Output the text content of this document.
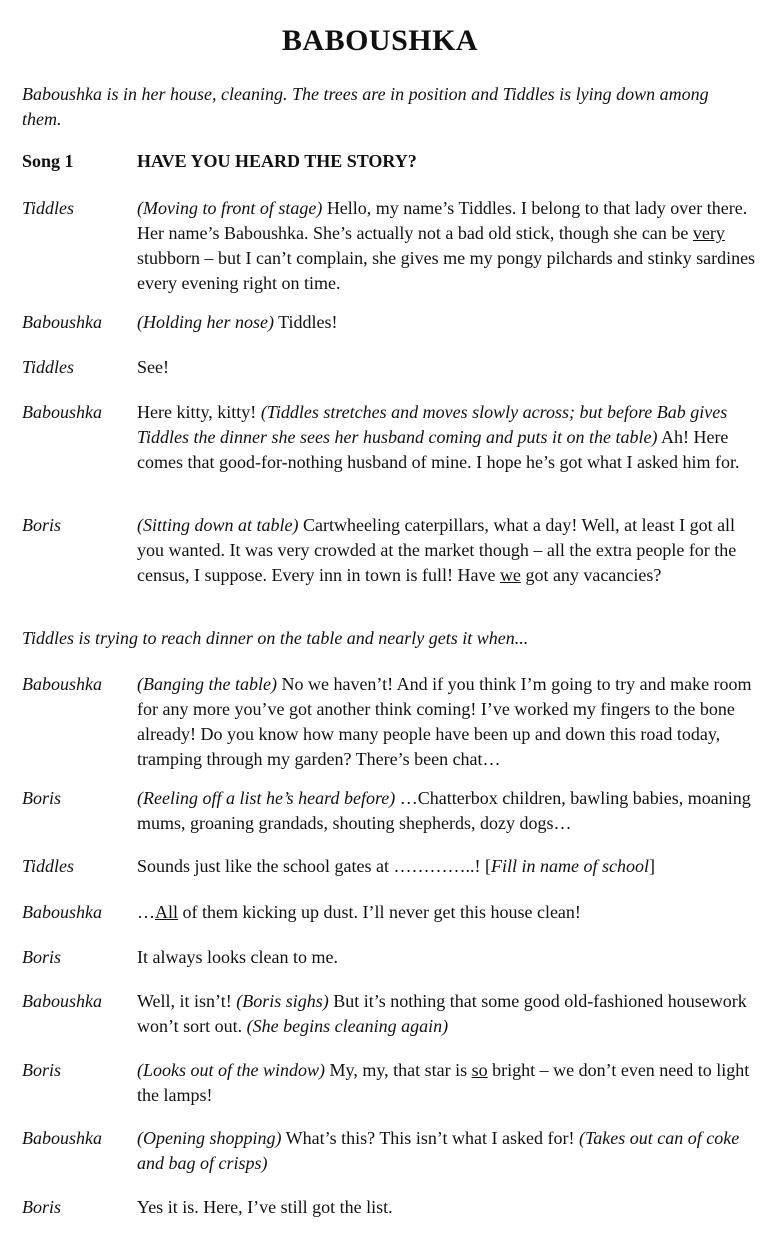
BABOUSHKA

Baboushka is in her house, cleaning. The trees are in position and Tiddles is lying down among them.

Song 1	HAVE YOU HEARD THE STORY?
Tiddles	(Moving to front of stage) Hello, my name’s Tiddles. I belong to that lady over there. Her name’s Baboushka. She’s actually not a bad old stick, though she can be very stubborn – but I can’t complain, she gives me my pongy pilchards and stinky sardines every evening right on time.
Baboushka	(Holding her nose) Tiddles!
Tiddles	See!
Baboushka	Here kitty, kitty! (Tiddles stretches and moves slowly across; but before Bab gives Tiddles the dinner she sees her husband coming and puts it on the table) Ah! Here comes that good-for-nothing husband of mine. I hope he’s got what I asked him for.
Boris	(Sitting down at table) Cartwheeling caterpillars, what a day! Well, at least I got all you wanted. It was very crowded at the market though – all the extra people for the census, I suppose. Every inn in town is full! Have we got any vacancies?

Tiddles is trying to reach dinner on the table and nearly gets it when...

Baboushka	(Banging the table) No we haven’t! And if you think I’m going to try and make room for any more you’ve got another think coming! I’ve worked my fingers to the bone already! Do you know how many people have been up and down this road today, tramping through my garden? There’s been chat…
Boris	(Reeling off a list he’s heard before) …Chatterbox children, bawling babies, moaning mums, groaning grandads, shouting shepherds, dozy dogs…
Tiddles	Sounds just like the school gates at …………..! [Fill in name of school]
Baboushka	…All of them kicking up dust. I’ll never get this house clean!
Boris	It always looks clean to me.
Baboushka	Well, it isn’t! (Boris sighs) But it’s nothing that some good old-fashioned housework won’t sort out. (She begins cleaning again)
Boris	(Looks out of the window) My, my, that star is so bright – we don’t even need to light the lamps!
Baboushka	(Opening shopping) What’s this? This isn’t what I asked for! (Takes out can of coke and bag of crisps)
Boris	Yes it is. Here, I’ve still got the list.
